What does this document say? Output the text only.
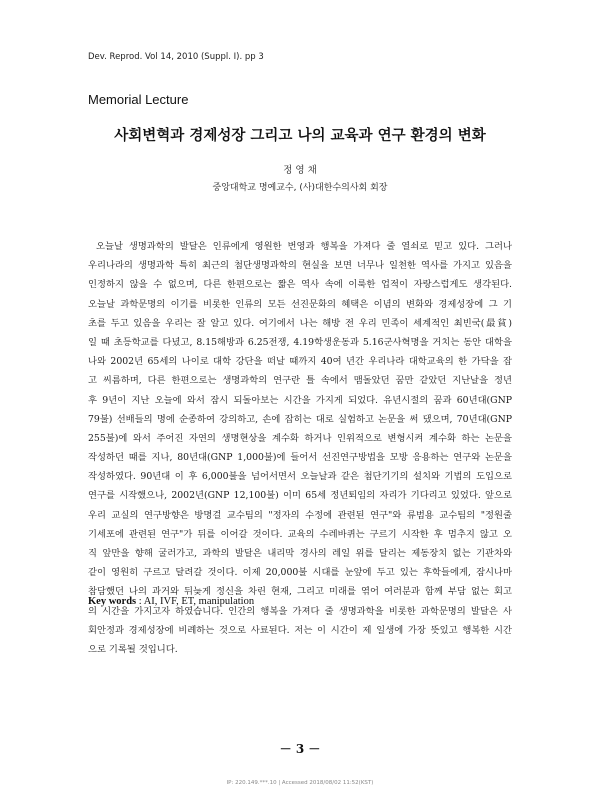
Dev. Reprod. Vol 14, 2010 (Suppl. I). pp 3
Memorial Lecture
사회변혁과 경제성장 그리고 나의 교육과 연구 환경의 변화
정 영 채
중앙대학교 명예교수, (사)대한수의사회 회장
오늘날 생명과학의 발달은 인류에게 영원한 번영과 행복을 가져다 줄 열쇠로 믿고 있다. 그러나
우리나라의 생명과학 특히 최근의 첨단생명과학의 현실을 보면 너무나 일천한 역사를 가지고 있음을
인정하지 않을 수 없으며, 다른 한편으로는 짧은 역사 속에 이룩한 업적이 자랑스럽게도 생각된다.
오늘날 과학문명의 이기를 비롯한 인류의 모든 선진문화의 혜택은 이념의 변화와 경제성장에 그 기
초를 두고 있음을 우리는 잘 알고 있다. 여기에서 나는 해방 전 우리 민족이 세계적인 최빈국(最貧)
일 때 초등학교를 다녔고, 8.15해방과 6.25전쟁, 4.19학생운동과 5.16군사혁명을 거치는 동안 대학을
나와 2002년 65세의 나이로 대학 강단을 떠날 때까지 40여 년간 우리나라 대학교육의 한 가닥을 잡
고 씨름하며, 다른 한편으로는 생명과학의 연구란 틀 속에서 맴돌았던 꿈만 같았던 지난날을 정년
후 9년이 지난 오늘에 와서 잠시 되돌아보는 시간을 가지게 되었다. 유년시절의 꿈과 60년대(GNP
79불) 선배들의 명에 순종하여 강의하고, 손에 잡히는 대로 실험하고 논문을 써 댔으며, 70년대(GNP
255불)에 와서 주어진 자연의 생명현상을 계수화 하거나 인위적으로 변형시켜 계수화 하는 논문을
작성하던 때를 지나, 80년대(GNP 1,000불)에 들어서 선진연구방법을 모방 응용하는 연구와 논문을
작성하였다. 90년대 이 후 6,000불을 넘어서면서 오늘날과 같은 첨단기기의 설치와 기법의 도입으로
연구를 시작했으나, 2002년(GNP 12,100불) 이미 65세 정년퇴임의 자리가 기다리고 있었다. 앞으로
우리 교실의 연구방향은 방명걸 교수팀의 "정자의 수정에 관련된 연구"와 류범용 교수팀의 "정원줄
기세포에 관련된 연구"가 뒤를 이어갈 것이다. 교육의 수레바퀴는 구르기 시작한 후 멈추지 않고 오
직 앞만을 향해 굴러가고, 과학의 발달은 내리막 경사의 레일 위를 달리는 제동장치 없는 기관차와
같이 영원히 구르고 달려갈 것이다. 이제 20,000불 시대를 눈앞에 두고 있는 후학들에게, 잠시나마
참담했던 나의 과거와 뒤늦게 정신을 차린 현재, 그리고 미래를 엮어 여러분과 함께 부담 없는 회고
의 시간을 가지고자 하였습니다. 인간의 행복을 가져다 줄 생명과학을 비롯한 과학문명의 발달은 사
회안정과 경제성장에 비례하는 것으로 사료된다. 저는 이 시간이 제 일생에 가장 뜻있고 행복한 시간
으로 기록될 것입니다.
Key words : AI, IVF, ET, manipulation
－ 3 －
IP: 220.149.***.10 | Accessed 2018/08/02 11:52(KST)
